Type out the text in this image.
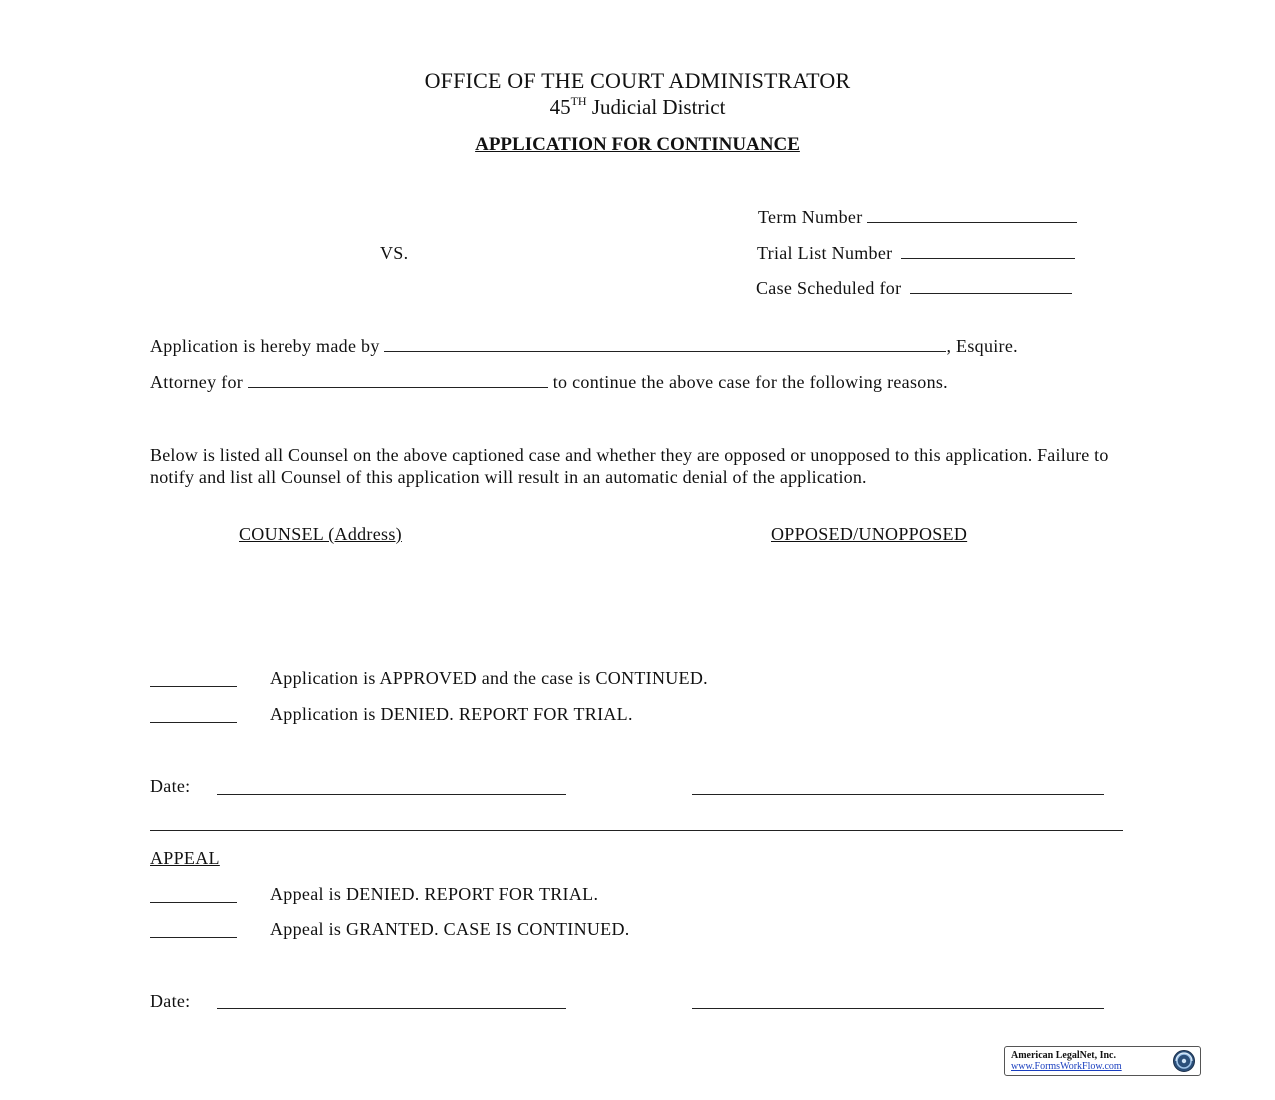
OFFICE OF THE COURT ADMINISTRATOR
45TH Judicial District
APPLICATION FOR CONTINUANCE
Term Number
VS.	Trial List Number
Case Scheduled for
Application is hereby made by	, Esquire.
Attorney for	to continue the above case for the following reasons.
Below is listed all Counsel on the above captioned case and whether they are opposed or unopposed to this application. Failure to notify and list all Counsel of this application will result in an automatic denial of the application.
COUNSEL (Address)	OPPOSED/UNOPPOSED
Application is APPROVED and the case is CONTINUED.
Application is DENIED. REPORT FOR TRIAL.
Date:
APPEAL
Appeal is DENIED. REPORT FOR TRIAL.
Appeal is GRANTED. CASE IS CONTINUED.
Date:
American LegalNet, Inc.
www.FormsWorkFlow.com
